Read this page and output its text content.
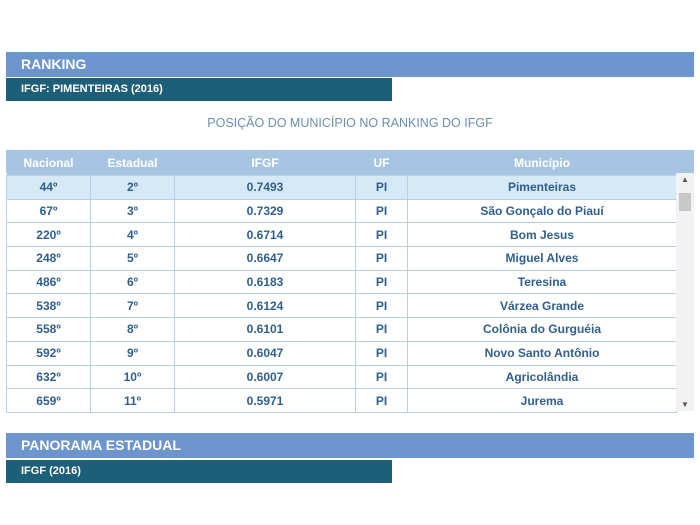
RANKING
IFGF: PIMENTEIRAS (2016)
POSIÇÃO DO MUNICÍPIO NO RANKING DO IFGF
Nacional	Estadual	IFGF	UF	Município
44º	2º	0.7493	PI	Pimenteiras
67º	3º	0.7329	PI	São Gonçalo do Piauí
220º	4º	0.6714	PI	Bom Jesus
248º	5º	0.6647	PI	Miguel Alves
486º	6º	0.6183	PI	Teresina
538º	7º	0.6124	PI	Várzea Grande
558º	8º	0.6101	PI	Colônia do Gurguéia
592º	9º	0.6047	PI	Novo Santo Antônio
632º	10º	0.6007	PI	Agricolândia
659º	11º	0.5971	PI	Jurema
▲
▼
PANORAMA ESTADUAL
IFGF (2016)
